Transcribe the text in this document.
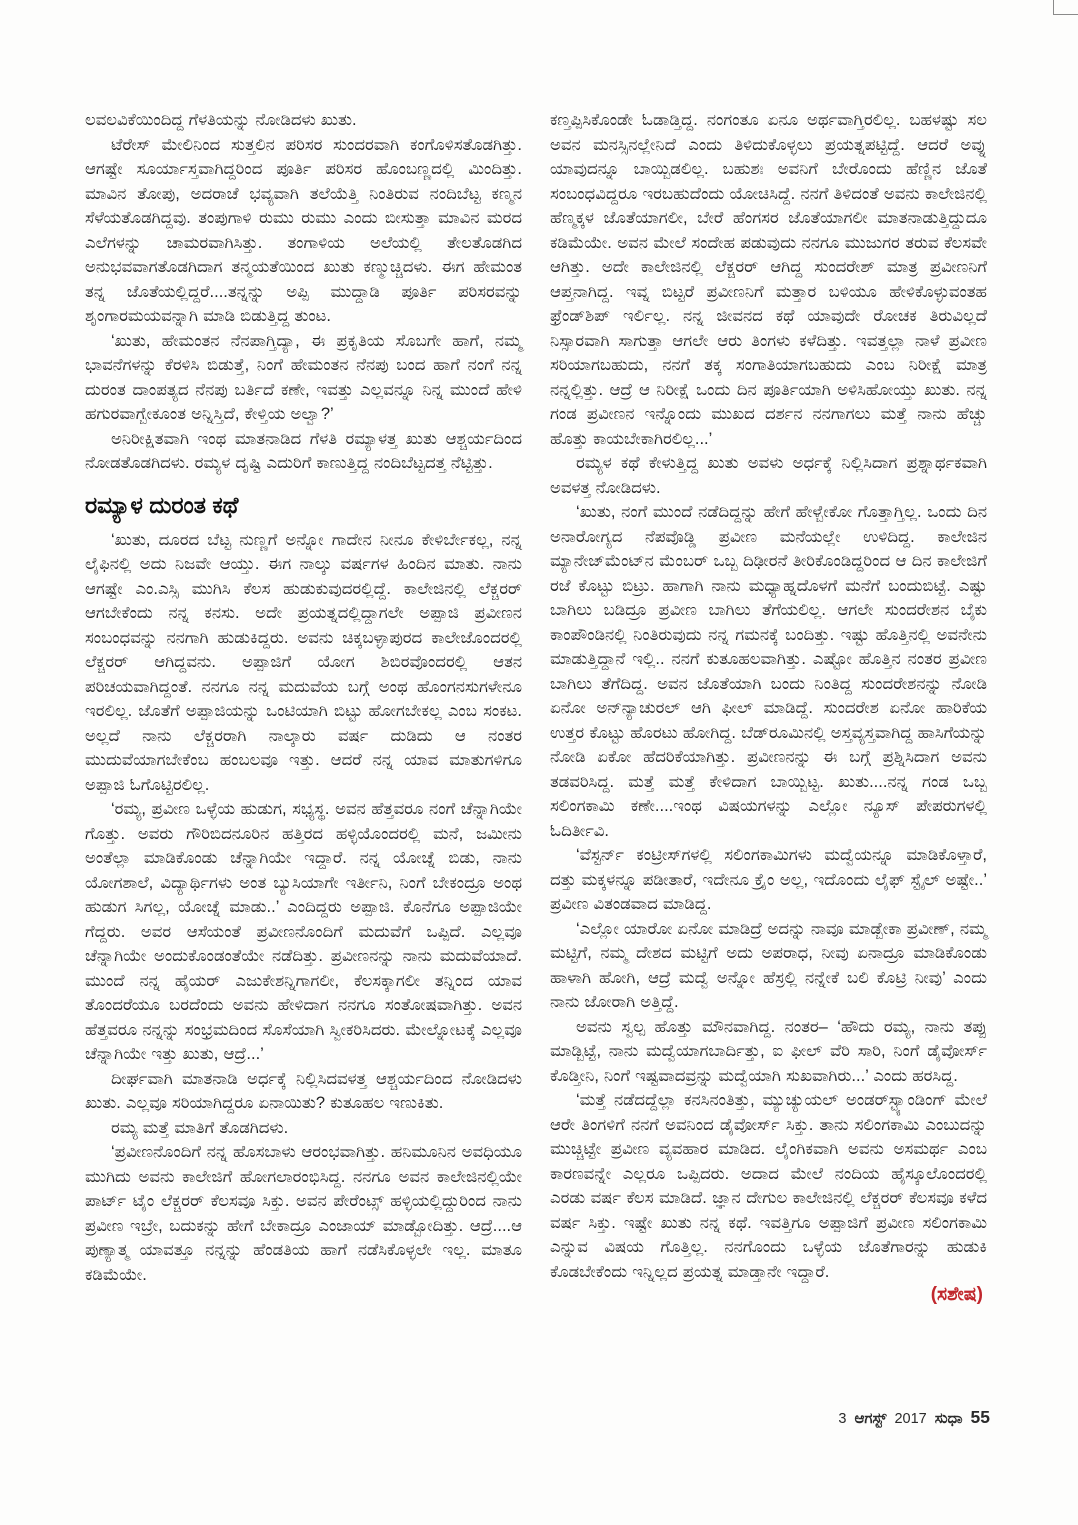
ಲವಲವಿಕೆಯಿಂದಿದ್ದ ಗೆಳತಿಯನ್ನು ನೋಡಿದಳು ಖುತು.

ಟೆರೇಸ್ ಮೇಲಿನಿಂದ ಸುತ್ತಲಿನ ಪರಿಸರ ಸುಂದರವಾಗಿ ಕಂಗೊಳಿಸತೊಡಗಿತ್ತು. ಆಗಷ್ಟೇ ಸೂರ್ಯಾಸ್ತವಾಗಿದ್ದರಿಂದ ಪೂರ್ತಿ ಪರಿಸರ ಹೊಂಬಣ್ಣದಲ್ಲಿ ಮಿಂದಿತ್ತು. ಮಾವಿನ ತೋಪು, ಅದರಾಚೆ ಭವ್ಯವಾಗಿ ತಲೆಯೆತ್ತಿ ನಿಂತಿರುವ ನಂದಿಬೆಟ್ಟ ಕಣ್ಮನ ಸೆಳೆಯತೊಡಗಿದ್ದವು. ತಂಪುಗಾಳಿ ರುಮು ರುಮು ಎಂದು ಬೀಸುತ್ತಾ ಮಾವಿನ ಮರದ ಎಲೆಗಳನ್ನು ಚಾಮರವಾಗಿಸಿತ್ತು. ತಂಗಾಳಿಯ ಅಲೆಯಲ್ಲಿ ತೇಲತೊಡಗಿದ ಅನುಭವವಾಗತೊಡಗಿದಾಗ ತನ್ಮಯತೆಯಿಂದ ಖುತು ಕಣ್ಮುಚ್ಚಿದಳು. ಈಗ ಹೇಮಂತ ತನ್ನ ಜೊತೆಯಲ್ಲಿದ್ದರೆ....ತನ್ನನ್ನು ಅಪ್ಪಿ ಮುದ್ದಾಡಿ ಪೂರ್ತಿ ಪರಿಸರವನ್ನು ಶೃಂಗಾರಮಯವನ್ನಾಗಿ ಮಾಡಿ ಬಿಡುತ್ತಿದ್ದ ತುಂಟ.

‘ಖುತು, ಹೇಮಂತನ ನೆನಪಾಗ್ತಿದ್ಯಾ, ಈ ಪ್ರಕೃತಿಯ ಸೊಬಗೇ ಹಾಗೆ, ನಮ್ಮ ಭಾವನೆಗಳನ್ನು ಕೆರಳಿಸಿ ಬಿಡುತ್ತೆ, ನಿಂಗೆ ಹೇಮಂತನ ನೆನಪು ಬಂದ ಹಾಗೆ ನಂಗೆ ನನ್ನ ದುರಂತ ದಾಂಪತ್ಯದ ನೆನಪು ಬರ್ತಿದೆ ಕಣೇ, ಇವತ್ತು ಎಲ್ಲವನ್ನೂ ನಿನ್ನ ಮುಂದೆ ಹೇಳಿ ಹಗುರವಾಗ್ಬೇಕೂಂತ ಅನ್ನಿಸ್ತಿದೆ, ಕೇಳ್ತಿಯ ಅಲ್ವಾ?’

ಅನಿರೀಕ್ಷಿತವಾಗಿ ಇಂಥ ಮಾತನಾಡಿದ ಗೆಳತಿ ರಮ್ಯಾಳತ್ತ ಖುತು ಆಶ್ಚರ್ಯದಿಂದ ನೋಡತೊಡಗಿದಳು. ರಮ್ಯಳ ದೃಷ್ಟಿ ಎದುರಿಗೆ ಕಾಣುತ್ತಿದ್ದ ನಂದಿಬೆಟ್ಟದತ್ತ ನೆಟ್ಟಿತ್ತು.

ರಮ್ಯಾಳ ದುರಂತ ಕಥೆ

‘ಖುತು, ದೂರದ ಬೆಟ್ಟ ನುಣ್ಣಗೆ ಅನ್ನೋ ಗಾದೇನ ನೀನೂ ಕೇಳಿರ್ಬೇಕಲ್ಲ, ನನ್ನ ಲೈಫಿನಲ್ಲಿ ಅದು ನಿಜವೇ ಆಯ್ತು. ಈಗ ನಾಲ್ಕು ವರ್ಷಗಳ ಹಿಂದಿನ ಮಾತು. ನಾನು ಆಗಷ್ಟೇ ಎಂ.ಎಸ್ಸಿ ಮುಗಿಸಿ ಕೆಲಸ ಹುಡುಕುವುದರಲ್ಲಿದ್ದೆ. ಕಾಲೇಜಿನಲ್ಲಿ ಲೆಕ್ಚರರ್ ಆಗಬೇಕೆಂದು ನನ್ನ ಕನಸು. ಅದೇ ಪ್ರಯತ್ನದಲ್ಲಿದ್ದಾಗಲೇ ಅಪ್ಪಾಜಿ ಪ್ರವೀಣನ ಸಂಬಂಧವನ್ನು ನನಗಾಗಿ ಹುಡುಕಿದ್ದರು. ಅವನು ಚಿಕ್ಕಬಳ್ಳಾಪುರದ ಕಾಲೇಜೊಂದರಲ್ಲಿ ಲೆಕ್ಚರರ್ ಆಗಿದ್ದವನು. ಅಪ್ಪಾಜಿಗೆ ಯೋಗ ಶಿಬಿರವೊಂದರಲ್ಲಿ ಆತನ ಪರಿಚಯವಾಗಿದ್ದಂತೆ. ನನಗೂ ನನ್ನ ಮದುವೆಯ ಬಗ್ಗೆ ಅಂಥ ಹೊಂಗನಸುಗಳೇನೂ ಇರಲಿಲ್ಲ. ಜೊತೆಗೆ ಅಪ್ಪಾಜಿಯನ್ನು ಒಂಟಿಯಾಗಿ ಬಿಟ್ಟು ಹೋಗಬೇಕಲ್ಲ ಎಂಬ ಸಂಕಟ. ಅಲ್ಲದೆ ನಾನು ಲೆಕ್ಚರರಾಗಿ ನಾಲ್ಕಾರು ವರ್ಷ ದುಡಿದು ಆ ನಂತರ ಮುದುವೆಯಾಗಬೇಕೆಂಬ ಹಂಬಲವೂ ಇತ್ತು. ಆದರೆ ನನ್ನ ಯಾವ ಮಾತುಗಳಿಗೂ ಅಪ್ಪಾಜಿ ಓಗೊಟ್ಟಿರಲಿಲ್ಲ.

‘ರಮ್ಯ, ಪ್ರವೀಣ ಒಳ್ಳೆಯ ಹುಡುಗ, ಸಭ್ಯಸ್ಥ. ಅವನ ಹೆತ್ತವರೂ ನಂಗೆ ಚೆನ್ನಾಗಿಯೇ ಗೊತ್ತು. ಅವರು ಗೌರಿಬಿದನೂರಿನ ಹತ್ತಿರದ ಹಳ್ಳಿಯೊಂದರಲ್ಲಿ ಮನೆ, ಜಮೀನು ಅಂತೆಲ್ಲಾ ಮಾಡಿಕೊಂಡು ಚೆನ್ನಾಗಿಯೇ ಇದ್ದಾರೆ. ನನ್ನ ಯೋಚ್ನೆ ಬಿಡು, ನಾನು ಯೋಗಶಾಲೆ, ವಿದ್ಯಾರ್ಥಿಗಳು ಅಂತ ಬ್ಯುಸಿಯಾಗೇ ಇರ್ತೀನಿ, ನಿಂಗೆ ಬೇಕಂದ್ರೂ ಅಂಥ ಹುಡುಗ ಸಿಗಲ್ಲ, ಯೋಚ್ನೆ ಮಾಡು..’ ಎಂದಿದ್ದರು ಅಪ್ಪಾಜಿ. ಕೊನೆಗೂ ಅಪ್ಪಾಜಿಯೇ ಗೆದ್ದರು. ಅವರ ಆಸೆಯಂತೆ ಪ್ರವೀಣನೊಂದಿಗೆ ಮದುವೆಗೆ ಒಪ್ಪಿದೆ. ಎಲ್ಲವೂ ಚೆನ್ನಾಗಿಯೇ ಅಂದುಕೊಂಡಂತೆಯೇ ನಡೆದಿತ್ತು. ಪ್ರವೀಣನನ್ನು ನಾನು ಮದುವೆಯಾದೆ. ಮುಂದೆ ನನ್ನ ಹೈಯರ್ ಎಜುಕೇಶನ್ನಿಗಾಗಲೀ, ಕೆಲಸಕ್ಕಾಗಲೀ ತನ್ನಿಂದ ಯಾವ ತೊಂದರೆಯೂ ಬರದೆಂದು ಅವನು ಹೇಳಿದಾಗ ನನಗೂ ಸಂತೋಷವಾಗಿತ್ತು. ಅವನ ಹೆತ್ತವರೂ ನನ್ನನ್ನು ಸಂಭ್ರಮದಿಂದ ಸೊಸೆಯಾಗಿ ಸ್ವೀಕರಿಸಿದರು. ಮೇಲ್ನೋಟಕ್ಕೆ ಎಲ್ಲವೂ ಚೆನ್ನಾಗಿಯೇ ಇತ್ತು ಖುತು, ಆದ್ರೆ...’

ದೀರ್ಘವಾಗಿ ಮಾತನಾಡಿ ಅರ್ಧಕ್ಕೆ ನಿಲ್ಲಿಸಿದವಳತ್ತ ಆಶ್ಚರ್ಯದಿಂದ ನೋಡಿದಳು ಖುತು. ಎಲ್ಲವೂ ಸರಿಯಾಗಿದ್ದರೂ ಏನಾಯಿತು? ಕುತೂಹಲ ಇಣುಕಿತು.

ರಮ್ಯ ಮತ್ತೆ ಮಾತಿಗೆ ತೊಡಗಿದಳು.

‘ಪ್ರವೀಣನೊಂದಿಗೆ ನನ್ನ ಹೊಸಬಾಳು ಆರಂಭವಾಗಿತ್ತು. ಹನಿಮೂನಿನ ಅವಧಿಯೂ ಮುಗಿದು ಅವನು ಕಾಲೇಜಿಗೆ ಹೋಗಲಾರಂಭಿಸಿದ್ದ. ನನಗೂ ಅವನ ಕಾಲೇಜಿನಲ್ಲಿಯೇ ಪಾರ್ಟ್ ಟೈಂ ಲೆಕ್ಚರರ್ ಕೆಲಸವೂ ಸಿಕ್ತು. ಅವನ ಪೇರೆಂಟ್ಸ್ ಹಳ್ಳಿಯಲ್ಲಿದ್ದುರಿಂದ ನಾನು ಪ್ರವೀಣ ಇಬ್ರೇ, ಬದುಕನ್ನು ಹೇಗೆ ಬೇಕಾದ್ರೂ ಎಂಜಾಯ್ ಮಾಡ್ಬೋದಿತ್ತು. ಆದ್ರೆ....ಆ ಪುಣ್ಯಾತ್ಮ ಯಾವತ್ತೂ ನನ್ನನ್ನು ಹೆಂಡತಿಯ ಹಾಗೆ ನಡೆಸಿಕೊಳ್ಳಲೇ ಇಲ್ಲ. ಮಾತೂ ಕಡಿಮೆಯೇ.

ಕಣ್ತಪ್ಪಿಸಿಕೊಂಡೇ ಓಡಾಡ್ತಿದ್ದ. ನಂಗಂತೂ ಏನೂ ಅರ್ಥವಾಗ್ತಿರಲಿಲ್ಲ. ಬಹಳಷ್ಟು ಸಲ ಅವನ ಮನಸ್ಸಿನಲ್ಲೇನಿದೆ ಎಂದು ತಿಳಿದುಕೊಳ್ಳಲು ಪ್ರಯತ್ನಪಟ್ಟಿದ್ದೆ. ಆದರೆ ಅವ್ನು ಯಾವುದನ್ನೂ ಬಾಯ್ಬಿಡಲಿಲ್ಲ. ಬಹುಶಃ ಅವನಿಗೆ ಬೇರೊಂದು ಹೆಣ್ಣಿನ ಜೊತೆ ಸಂಬಂಧವಿದ್ದರೂ ಇರಬಹುದೆಂದು ಯೋಚಿಸಿದ್ದೆ. ನನಗೆ ತಿಳಿದಂತೆ ಅವನು ಕಾಲೇಜಿನಲ್ಲಿ ಹೆಣ್ಮಕ್ಕಳ ಜೊತೆಯಾಗಲೀ, ಬೇರೆ ಹೆಂಗಸರ ಜೊತೆಯಾಗಲೀ ಮಾತನಾಡುತ್ತಿದ್ದುದೂ ಕಡಿಮೆಯೇ. ಅವನ ಮೇಲೆ ಸಂದೇಹ ಪಡುವುದು ನನಗೂ ಮುಜುಗರ ತರುವ ಕೆಲಸವೇ ಆಗಿತ್ತು. ಅದೇ ಕಾಲೇಜಿನಲ್ಲಿ ಲೆಕ್ಚರರ್ ಆಗಿದ್ದ ಸುಂದರೇಶ್ ಮಾತ್ರ ಪ್ರವೀಣನಿಗೆ ಆಪ್ತನಾಗಿದ್ದ. ಇವ್ನ ಬಿಟ್ಟರೆ ಪ್ರವೀಣನಿಗೆ ಮತ್ತಾರ ಬಳಿಯೂ ಹೇಳಿಕೊಳ್ಳುವಂತಹ ಫ್ರೆಂಡ್‌ಶಿಪ್ ಇರ್ಲಿಲ್ಲ. ನನ್ನ ಜೀವನದ ಕಥೆ ಯಾವುದೇ ರೋಚಕ ತಿರುವಿಲ್ಲದೆ ನಿಸ್ಸಾರವಾಗಿ ಸಾಗುತ್ತಾ ಆಗಲೇ ಆರು ತಿಂಗಳು ಕಳೆದಿತ್ತು. ಇವತ್ತಲ್ಲಾ ನಾಳೆ ಪ್ರವೀಣ ಸರಿಯಾಗಬಹುದು, ನನಗೆ ತಕ್ಕ ಸಂಗಾತಿಯಾಗಬಹುದು ಎಂಬ ನಿರೀಕ್ಷೆ ಮಾತ್ರ ನನ್ನಲ್ಲಿತ್ತು. ಆದ್ರೆ ಆ ನಿರೀಕ್ಷೆ ಒಂದು ದಿನ ಪೂರ್ತಿಯಾಗಿ ಅಳಿಸಿಹೋಯ್ತು ಖುತು. ನನ್ನ ಗಂಡ ಪ್ರವೀಣನ ಇನ್ನೊಂದು ಮುಖದ ದರ್ಶನ ನನಗಾಗಲು ಮತ್ತೆ ನಾನು ಹೆಚ್ಚು ಹೊತ್ತು ಕಾಯಬೇಕಾಗಿರಲಿಲ್ಲ...’

ರಮ್ಯಳ ಕಥೆ ಕೇಳುತ್ತಿದ್ದ ಖುತು ಅವಳು ಅರ್ಧಕ್ಕೆ ನಿಲ್ಲಿಸಿದಾಗ ಪ್ರಶ್ನಾರ್ಥಕವಾಗಿ ಅವಳತ್ತ ನೋಡಿದಳು.

‘ಖುತು, ನಂಗೆ ಮುಂದೆ ನಡೆದಿದ್ದನ್ನು ಹೇಗೆ ಹೇಳ್ಬೇಕೋ ಗೊತ್ತಾಗ್ತಿಲ್ಲ. ಒಂದು ದಿನ ಅನಾರೋಗ್ಯದ ನೆಪವೊಡ್ಡಿ ಪ್ರವೀಣ ಮನೆಯಲ್ಲೇ ಉಳಿದಿದ್ದ. ಕಾಲೇಜಿನ ಮ್ಯಾನೇಜ್‌ಮೆಂಟ್‌ನ ಮೆಂಬರ್ ಒಬ್ಬ ದಿಢೀರನೆ ತೀರಿಕೊಂಡಿದ್ದರಿಂದ ಆ ದಿನ ಕಾಲೇಜಿಗೆ ರಜೆ ಕೊಟ್ಟು ಬಿಟ್ರು. ಹಾಗಾಗಿ ನಾನು ಮಧ್ಯಾಹ್ನದೊಳಗೆ ಮನೆಗೆ ಬಂದುಬಿಟ್ಟೆ. ಎಷ್ಟು ಬಾಗಿಲು ಬಡಿದ್ರೂ ಪ್ರವೀಣ ಬಾಗಿಲು ತೆಗೆಯಲಿಲ್ಲ. ಆಗಲೇ ಸುಂದರೇಶನ ಬೈಕು ಕಾಂಪೌಂಡಿನಲ್ಲಿ ನಿಂತಿರುವುದು ನನ್ನ ಗಮನಕ್ಕೆ ಬಂದಿತ್ತು. ಇಷ್ಟು ಹೊತ್ತಿನಲ್ಲಿ ಅವನೇನು ಮಾಡುತ್ತಿದ್ದಾನೆ ಇಲ್ಲಿ.. ನನಗೆ ಕುತೂಹಲವಾಗಿತ್ತು. ಎಷ್ಟೋ ಹೊತ್ತಿನ ನಂತರ ಪ್ರವೀಣ ಬಾಗಿಲು ತೆಗೆದಿದ್ದ. ಅವನ ಜೊತೆಯಾಗಿ ಬಂದು ನಿಂತಿದ್ದ ಸುಂದರೇಶನನ್ನು ನೋಡಿ ಏನೋ ಅನ್‌ನ್ಯಾಚುರಲ್ ಆಗಿ ಫೀಲ್ ಮಾಡಿದ್ದೆ. ಸುಂದರೇಶ ಏನೋ ಹಾರಿಕೆಯ ಉತ್ತರ ಕೊಟ್ಟು ಹೊರಟು ಹೋಗಿದ್ದ. ಬೆಡ್‌ರೂಮಿನಲ್ಲಿ ಅಸ್ತವ್ಯಸ್ತವಾಗಿದ್ದ ಹಾಸಿಗೆಯನ್ನು ನೋಡಿ ಏಕೋ ಹೆದರಿಕೆಯಾಗಿತ್ತು. ಪ್ರವೀಣನನ್ನು ಈ ಬಗ್ಗೆ ಪ್ರಶ್ನಿಸಿದಾಗ ಅವನು ತಡವರಿಸಿದ್ದ. ಮತ್ತೆ ಮತ್ತೆ ಕೇಳಿದಾಗ ಬಾಯ್ಬಿಟ್ಟ. ಖುತು....ನನ್ನ ಗಂಡ ಒಬ್ಬ ಸಲಿಂಗಕಾಮಿ ಕಣೇ....ಇಂಥ ವಿಷಯಗಳನ್ನು ಎಲ್ಲೋ ನ್ಯೂಸ್ ಪೇಪರುಗಳಲ್ಲಿ ಓದಿರ್ತೀವಿ.

‘ವೆಸ್ಟರ್ನ್ ಕಂಟ್ರೀಸ್‌ಗಳಲ್ಲಿ ಸಲಿಂಗಕಾಮಿಗಳು ಮದ್ವೆಯನ್ನೂ ಮಾಡಿಕೊಳ್ತಾರೆ, ದತ್ತು ಮಕ್ಕಳನ್ನೂ ಪಡೀತಾರೆ, ಇದೇನೂ ಕ್ರೈಂ ಅಲ್ಲ, ಇದೊಂದು ಲೈಫ್ ಸ್ಟೈಲ್ ಅಷ್ಟೇ..’ ಪ್ರವೀಣ ವಿತಂಡವಾದ ಮಾಡಿದ್ದ.

‘ಎಲ್ಲೋ ಯಾರೋ ಏನೋ ಮಾಡಿದ್ರೆ ಅದನ್ನು ನಾವೂ ಮಾಡ್ಬೇಕಾ ಪ್ರವೀಣ್, ನಮ್ಮ ಮಟ್ಟಿಗೆ, ನಮ್ಮ ದೇಶದ ಮಟ್ಟಿಗೆ ಅದು ಅಪರಾಧ, ನೀವು ಏನಾದ್ರೂ ಮಾಡಿಕೊಂಡು ಹಾಳಾಗಿ ಹೋಗಿ, ಆದ್ರೆ ಮದ್ವೆ ಅನ್ನೋ ಹೆಸ್ರಲ್ಲಿ ನನ್ನೇಕೆ ಬಲಿ ಕೊಟ್ರಿ ನೀವು’ ಎಂದು ನಾನು ಜೋರಾಗಿ ಅತ್ತಿದ್ದೆ.

ಅವನು ಸ್ವಲ್ಪ ಹೊತ್ತು ಮೌನವಾಗಿದ್ದ. ನಂತರ– ‘ಹೌದು ರಮ್ಯ, ನಾನು ತಪ್ಪು ಮಾಡ್ಬಿಟ್ಟೆ, ನಾನು ಮದ್ವೆಯಾಗಬಾರ್ದಿತ್ತು, ಐ ಫೀಲ್ ವೆರಿ ಸಾರಿ, ನಿಂಗೆ ಡೈವೋರ್ಸ್ ಕೊಡ್ತೀನಿ, ನಿಂಗೆ ಇಷ್ಟವಾದವ್ರನ್ನು ಮದ್ವೆಯಾಗಿ ಸುಖವಾಗಿರು...’ ಎಂದು ಹರಸಿದ್ದ.

‘ಮತ್ತೆ ನಡೆದದ್ದೆಲ್ಲಾ ಕನಸಿನಂತಿತ್ತು, ಮ್ಯುಚ್ಯುಯಲ್ ಅಂಡರ್‌ಸ್ಟ್ಯಾಂಡಿಂಗ್ ಮೇಲೆ ಆರೇ ತಿಂಗಳಿಗೆ ನನಗೆ ಅವನಿಂದ ಡೈವೋರ್ಸ್ ಸಿಕ್ತು. ತಾನು ಸಲಿಂಗಕಾಮಿ ಎಂಬುದನ್ನು ಮುಚ್ಚಿಟ್ಟೇ ಪ್ರವೀಣ ವ್ಯವಹಾರ ಮಾಡಿದ. ಲೈಂಗಿಕವಾಗಿ ಅವನು ಅಸಮರ್ಥ ಎಂಬ ಕಾರಣವನ್ನೇ ಎಲ್ಲರೂ ಒಪ್ಪಿದರು. ಅದಾದ ಮೇಲೆ ನಂದಿಯ ಹೈಸ್ಕೂಲೊಂದರಲ್ಲಿ ಎರಡು ವರ್ಷ ಕೆಲಸ ಮಾಡಿದೆ. ಜ್ಞಾನ ದೇಗುಲ ಕಾಲೇಜಿನಲ್ಲಿ ಲೆಕ್ಚರರ್ ಕೆಲಸವೂ ಕಳೆದ ವರ್ಷ ಸಿಕ್ತು. ಇಷ್ಟೇ ಖುತು ನನ್ನ ಕಥೆ. ಇವತ್ತಿಗೂ ಅಪ್ಪಾಜಿಗೆ ಪ್ರವೀಣ ಸಲಿಂಗಕಾಮಿ ಎನ್ನುವ ವಿಷಯ ಗೊತ್ತಿಲ್ಲ. ನನಗೊಂದು ಒಳ್ಳೆಯ ಜೊತೆಗಾರನ್ನು ಹುಡುಕಿ ಕೊಡಬೇಕೆಂದು ಇನ್ನಿಲ್ಲದ ಪ್ರಯತ್ನ ಮಾಡ್ತಾನೇ ಇದ್ದಾರೆ.

(ಸಶೇಷ)
3 ಆಗಸ್ಟ್ 2017 ಸುಧಾ 55
